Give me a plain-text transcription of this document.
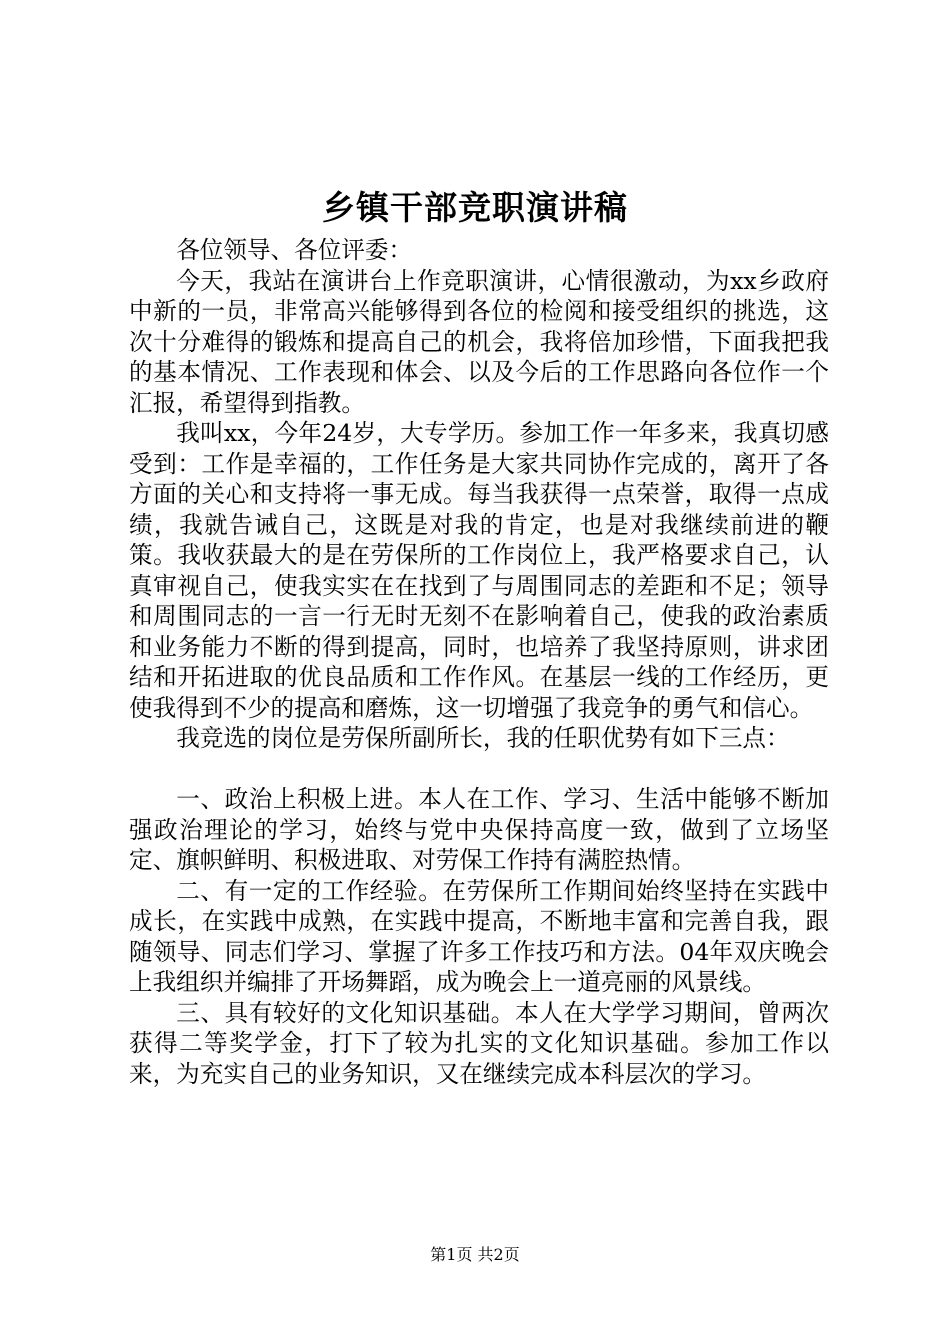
乡镇干部竞职演讲稿

各位领导、各位评委：

今天，我站在演讲台上作竞职演讲，心情很激动，为xx乡政府中新的一员，非常高兴能够得到各位的检阅和接受组织的挑选，这次十分难得的锻炼和提高自己的机会，我将倍加珍惜，下面我把我的基本情况、工作表现和体会、以及今后的工作思路向各位作一个汇报，希望得到指教。

我叫xx，今年24岁，大专学历。参加工作一年多来，我真切感受到：工作是幸福的，工作任务是大家共同协作完成的，离开了各方面的关心和支持将一事无成。每当我获得一点荣誉，取得一点成绩，我就告诫自己，这既是对我的肯定，也是对我继续前进的鞭策。我收获最大的是在劳保所的工作岗位上，我严格要求自己，认真审视自己，使我实实在在找到了与周围同志的差距和不足；领导和周围同志的一言一行无时无刻不在影响着自己，使我的政治素质和业务能力不断的得到提高，同时，也培养了我坚持原则，讲求团结和开拓进取的优良品质和工作作风。在基层一线的工作经历，更使我得到不少的提高和磨炼，这一切增强了我竞争的勇气和信心。

我竞选的岗位是劳保所副所长，我的任职优势有如下三点：

一、政治上积极上进。本人在工作、学习、生活中能够不断加强政治理论的学习，始终与党中央保持高度一致，做到了立场坚定、旗帜鲜明、积极进取、对劳保工作持有满腔热情。

二、有一定的工作经验。在劳保所工作期间始终坚持在实践中成长，在实践中成熟，在实践中提高，不断地丰富和完善自我，跟随领导、同志们学习、掌握了许多工作技巧和方法。04年双庆晚会上我组织并编排了开场舞蹈，成为晚会上一道亮丽的风景线。

三、具有较好的文化知识基础。本人在大学学习期间，曾两次获得二等奖学金，打下了较为扎实的文化知识基础。参加工作以来，为充实自己的业务知识，又在继续完成本科层次的学习。

第1页 共2页
